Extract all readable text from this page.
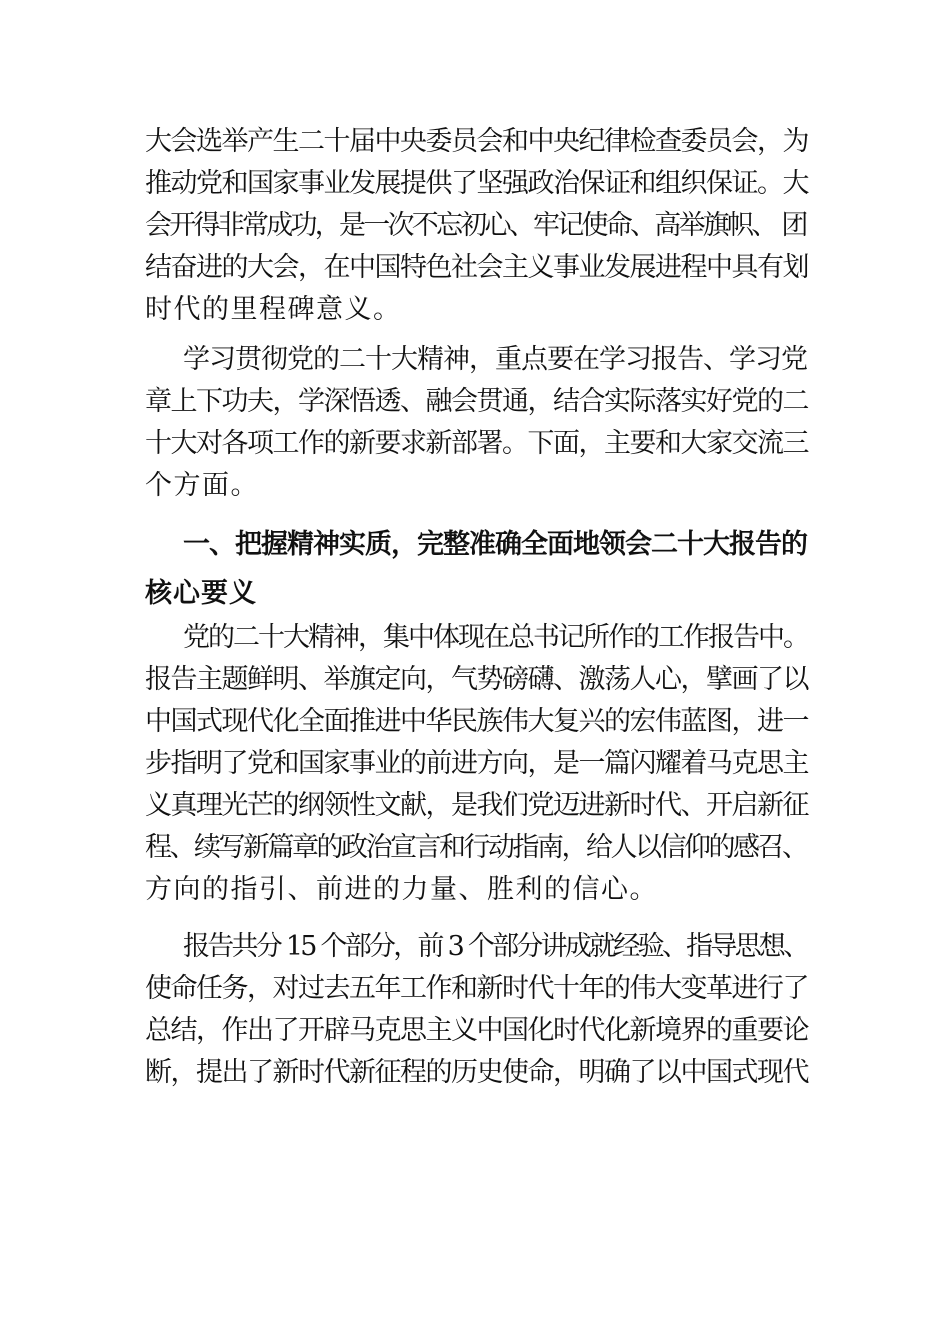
大会选举产生二十届中央委员会和中央纪律检查委员会，为
推动党和国家事业发展提供了坚强政治保证和组织保证。大
会开得非常成功，是一次不忘初心、牢记使命、高举旗帜、 团
结奋进的大会，在中国特色社会主义事业发展进程中具有划
时代的里程碑意义。
学习贯彻党的二十大精神，重点要在学习报告、学习党
章上下功夫，学深悟透、融会贯通，结合实际落实好党的二
十大对各项工作的新要求新部署。下面，主要和大家交流三
个方面。
一、把握精神实质，完整准确全面地领会二十大报告的
核心要义
党的二十大精神，集中体现在总书记所作的工作报告中。
报告主题鲜明、举旗定向，气势磅礴、激荡人心，擘画了以
中国式现代化全面推进中华民族伟大复兴的宏伟蓝图，进一
步指明了党和国家事业的前进方向，是一篇闪耀着马克思主
义真理光芒的纲领性文献，是我们党迈进新时代、开启新征
程、续写新篇章的政治宣言和行动指南，给人以信仰的感召、
方向的指引、前进的力量、胜利的信心。
报告共分 15 个部分，前 3 个部分讲成就经验、指导思想、
使命任务，对过去五年工作和新时代十年的伟大变革进行了
总结，作出了开辟马克思主义中国化时代化新境界的重要论
断，提出了新时代新征程的历史使命，明确了以中国式现代
